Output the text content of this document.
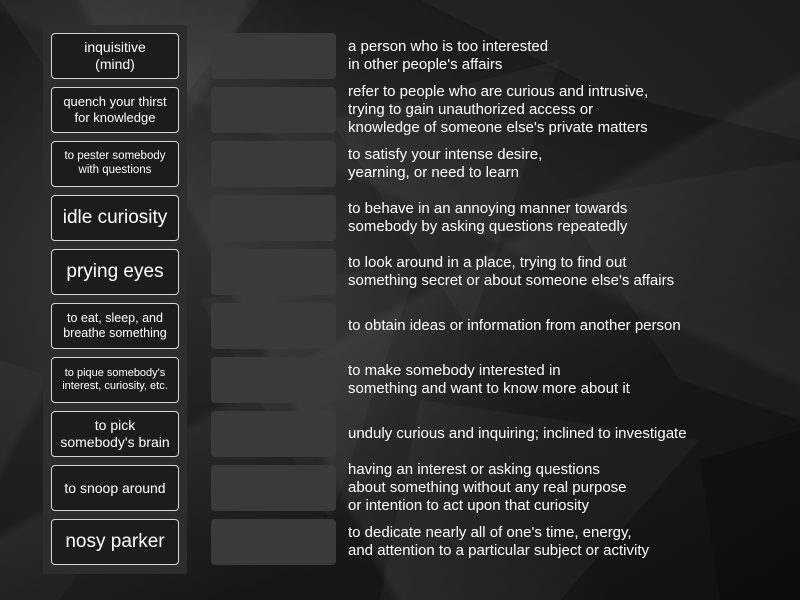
inquisitive
(mind)
quench your thirst
for knowledge
to pester somebody
with questions
idle curiosity
prying eyes
to eat, sleep, and
breathe something
to pique somebody's
interest, curiosity, etc.
to pick
somebody's brain
to snoop around
nosy parker
a person who is too interested
in other people's affairs
refer to people who are curious and intrusive,
trying to gain unauthorized access or
knowledge of someone else's private matters
to satisfy your intense desire,
yearning, or need to learn
to behave in an annoying manner towards
somebody by asking questions repeatedly
to look around in a place, trying to find out
something secret or about someone else's affairs
to obtain ideas or information from another person
to make somebody interested in
something and want to know more about it
unduly curious and inquiring; inclined to investigate
having an interest or asking questions
about something without any real purpose
or intention to act upon that curiosity
to dedicate nearly all of one's time, energy,
and attention to a particular subject or activity
